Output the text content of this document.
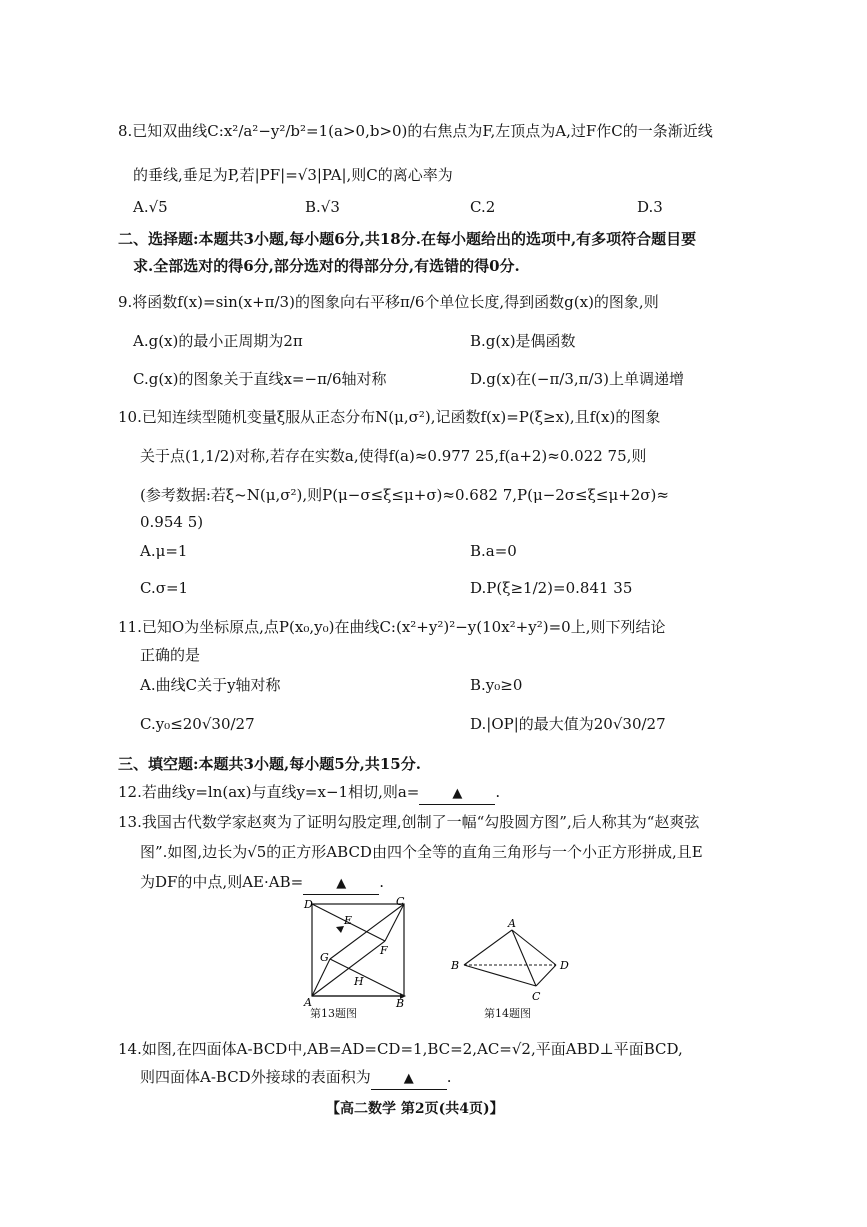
8.已知双曲线C:x²/a²−y²/b²=1(a>0,b>0)的右焦点为F,左顶点为A,过F作C的一条渐近线
的垂线,垂足为P,若|PF|=√3|PA|,则C的离心率为
A.√5	B.√3	C.2	D.3
二、选择题:本题共3小题,每小题6分,共18分.在每小题给出的选项中,有多项符合题目要
求.全部选对的得6分,部分选对的得部分分,有选错的得0分.
9.将函数f(x)=sin(x+π/3)的图象向右平移π/6个单位长度,得到函数g(x)的图象,则
A.g(x)的最小正周期为2π	B.g(x)是偶函数
C.g(x)的图象关于直线x=−π/6轴对称	D.g(x)在(−π/3,π/3)上单调递增
10.已知连续型随机变量ξ服从正态分布N(μ,σ²),记函数f(x)=P(ξ≥x),且f(x)的图象
关于点(1,1/2)对称,若存在实数a,使得f(a)≈0.977 25,f(a+2)≈0.022 75,则
(参考数据:若ξ~N(μ,σ²),则P(μ−σ≤ξ≤μ+σ)≈0.682 7,P(μ−2σ≤ξ≤μ+2σ)≈
0.954 5)
A.μ=1	B.a=0
C.σ=1	D.P(ξ≥1/2)=0.841 35
11.已知O为坐标原点,点P(x₀,y₀)在曲线C:(x²+y²)²−y(10x²+y²)=0上,则下列结论
正确的是
A.曲线C关于y轴对称	B.y₀≥0
C.y₀≤20√30/27	D.|OP|的最大值为20√30/27
三、填空题:本题共3小题,每小题5分,共15分.
12.若曲线y=ln(ax)与直线y=x−1相切,则a=	▲ .
13.我国古代数学家赵爽为了证明勾股定理,创制了一幅“勾股圆方图”,后人称其为“赵爽弦
图”.如图,边长为√5的正方形ABCD由四个全等的直角三角形与一个小正方形拼成,且E
为DF的中点,则AE·AB=	▲ .
D	C
E
F
G
H
A	B
第13题图
A
B
C
D
第14题图
14.如图,在四面体A-BCD中,AB=AD=CD=1,BC=2,AC=√2,平面ABD⊥平面BCD,
则四面体A-BCD外接球的表面积为	▲ .
【高二数学 第2页(共4页)】
